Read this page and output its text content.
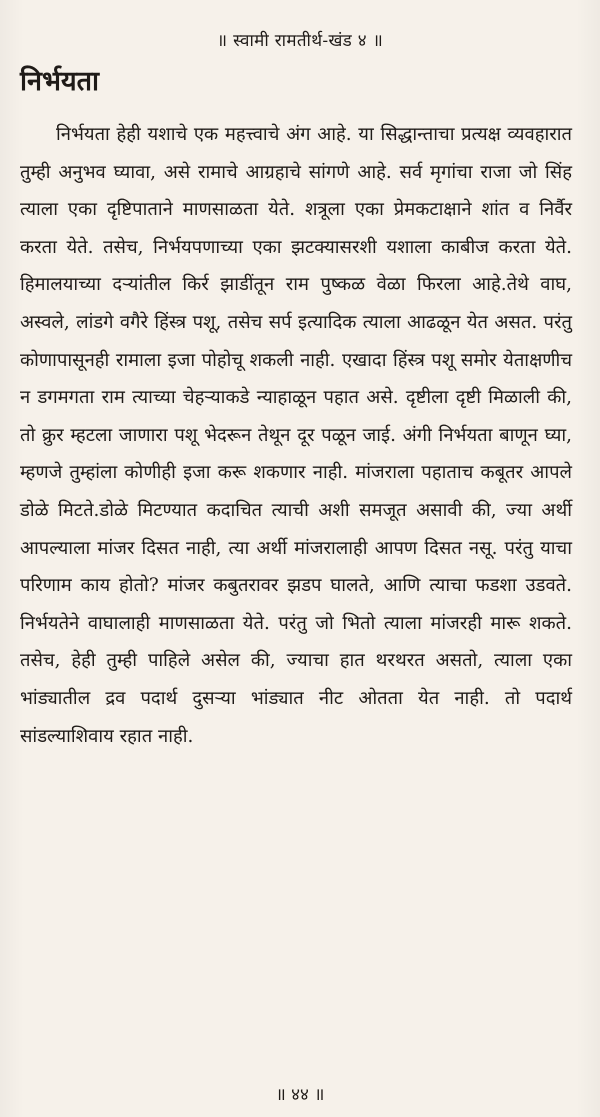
॥ स्वामी रामतीर्थ-खंड ४ ॥
निर्भयता

निर्भयता हेही यशाचे एक महत्त्वाचे अंग आहे. या सिद्धान्ताचा प्रत्यक्ष व्यवहारात तुम्ही अनुभव घ्यावा, असे रामाचे आग्रहाचे सांगणे आहे. सर्व मृगांचा राजा जो सिंह त्याला एका दृष्टिपाताने माणसाळता येते. शत्रूला एका प्रेमकटाक्षाने शांत व निर्वैर करता येते. तसेच, निर्भयपणाच्या एका झटक्यासरशी यशाला काबीज करता येते. हिमालयाच्या दऱ्यांतील किर्र झाडींतून राम पुष्कळ वेळा फिरला आहे.तेथे वाघ, अस्वले, लांडगे वगैरे हिंस्त्र पशू, तसेच सर्प इत्यादिक त्याला आढळून येत असत. परंतु कोणापासूनही रामाला इजा पोहोचू शकली नाही. एखादा हिंस्त्र पशू समोर येताक्षणीच न डगमगता राम त्याच्या चेहऱ्याकडे न्याहाळून पहात असे. दृष्टीला दृष्टी मिळाली की, तो क्रुर म्हटला जाणारा पशू भेदरून तेथून दूर पळून जाई. अंगी निर्भयता बाणून घ्या, म्हणजे तुम्हांला कोणीही इजा करू शकणार नाही. मांजराला पहाताच कबूतर आपले डोळे मिटते.डोळे मिटण्यात कदाचित त्याची अशी समजूत असावी की, ज्या अर्थी आपल्याला मांजर दिसत नाही, त्या अर्थी मांजरालाही आपण दिसत नसू. परंतु याचा परिणाम काय होतो? मांजर कबुतरावर झडप घालते, आणि त्याचा फडशा उडवते. निर्भयतेने वाघालाही माणसाळता येते. परंतु जो भितो त्याला मांजरही मारू शकते. तसेच, हेही तुम्ही पाहिले असेल की, ज्याचा हात थरथरत असतो, त्याला एका भांड्यातील द्रव पदार्थ दुसऱ्या भांड्यात नीट ओतता येत नाही. तो पदार्थ सांडल्याशिवाय रहात नाही.

॥ ४४ ॥
